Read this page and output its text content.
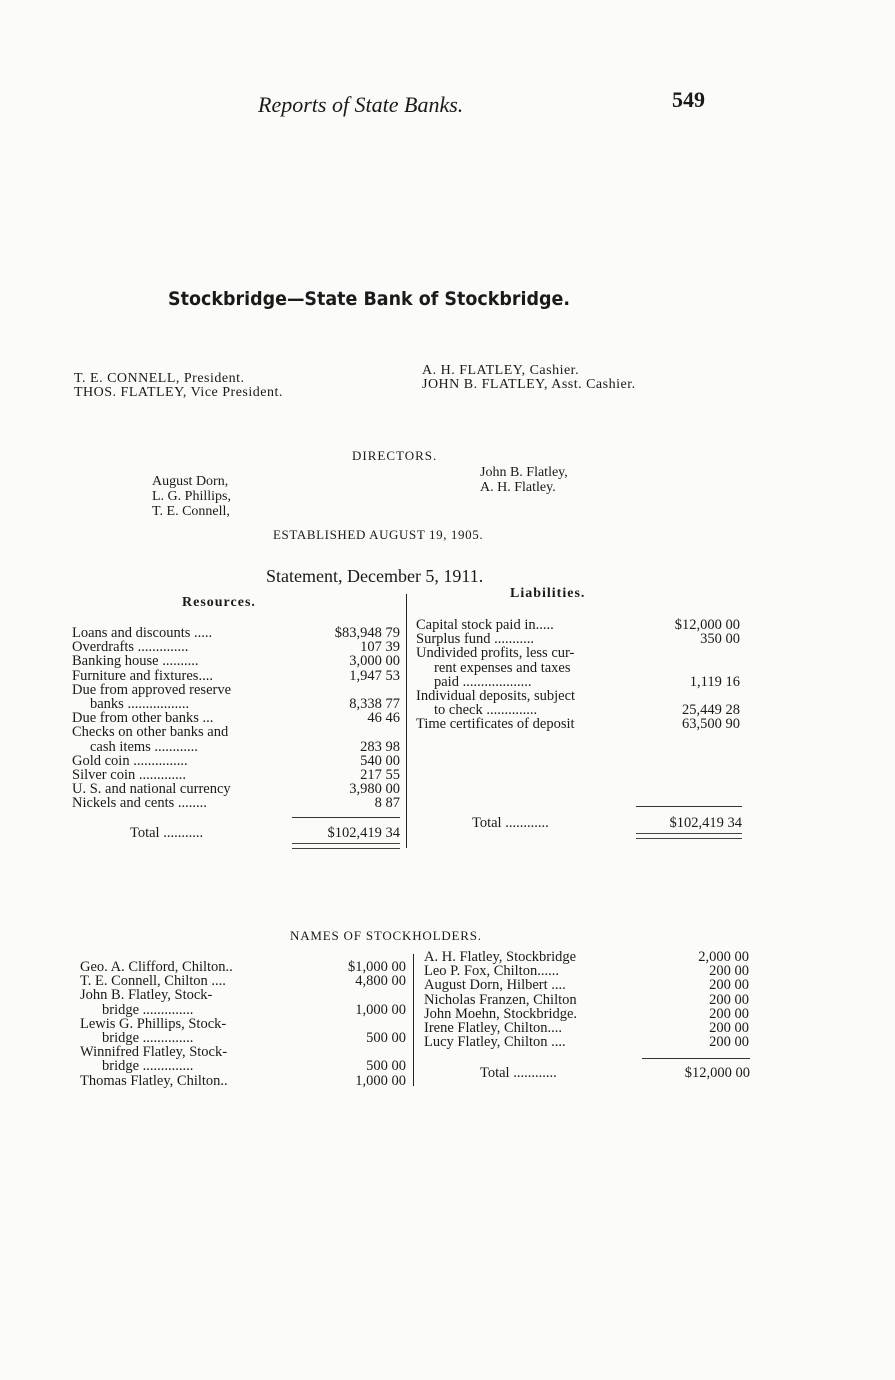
Reports of State Banks.	549
Stockbridge—State Bank of Stockbridge.
T. E. CONNELL, President.
THOS. FLATLEY, Vice President.
A. H. FLATLEY, Cashier.
JOHN B. FLATLEY, Asst. Cashier.
DIRECTORS.
August Dorn,
L. G. Phillips,
T. E. Connell,
John B. Flatley,
A. H. Flatley.
ESTABLISHED AUGUST 19, 1905.
Statement, December 5, 1911.
Resources.
Liabilities.
Loans and discounts .....	$83,948 79
Overdrafts ..............	107 39
Banking house ..........	3,000 00
Furniture and fixtures....	1,947 53
Due from approved reserve
banks .................	8,338 77
Due from other banks ...	46 46
Checks on other banks and
cash items ............	283 98
Gold coin ...............	540 00
Silver coin .............	217 55
U. S. and national currency	3,980 00
Nickels and cents ........	8 87
Total ...........	$102,419 34
Capital stock paid in.....	$12,000 00
Surplus fund ...........	350 00
Undivided profits, less cur-
rent expenses and taxes
paid ...................	1,119 16
Individual deposits, subject
to check ..............	25,449 28
Time certificates of deposit	63,500 90
Total ............	$102,419 34
NAMES OF STOCKHOLDERS.
Geo. A. Clifford, Chilton..	$1,000 00
T. E. Connell, Chilton ....	4,800 00
John B. Flatley, Stock-
bridge ..............	1,000 00
Lewis G. Phillips, Stock-
bridge ..............	500 00
Winnifred Flatley, Stock-
bridge ..............	500 00
Thomas Flatley, Chilton..	1,000 00
A. H. Flatley, Stockbridge	2,000 00
Leo P. Fox, Chilton......	200 00
August Dorn, Hilbert ....	200 00
Nicholas Franzen, Chilton	200 00
John Moehn, Stockbridge.	200 00
Irene Flatley, Chilton....	200 00
Lucy Flatley, Chilton ....	200 00
Total ............	$12,000 00
